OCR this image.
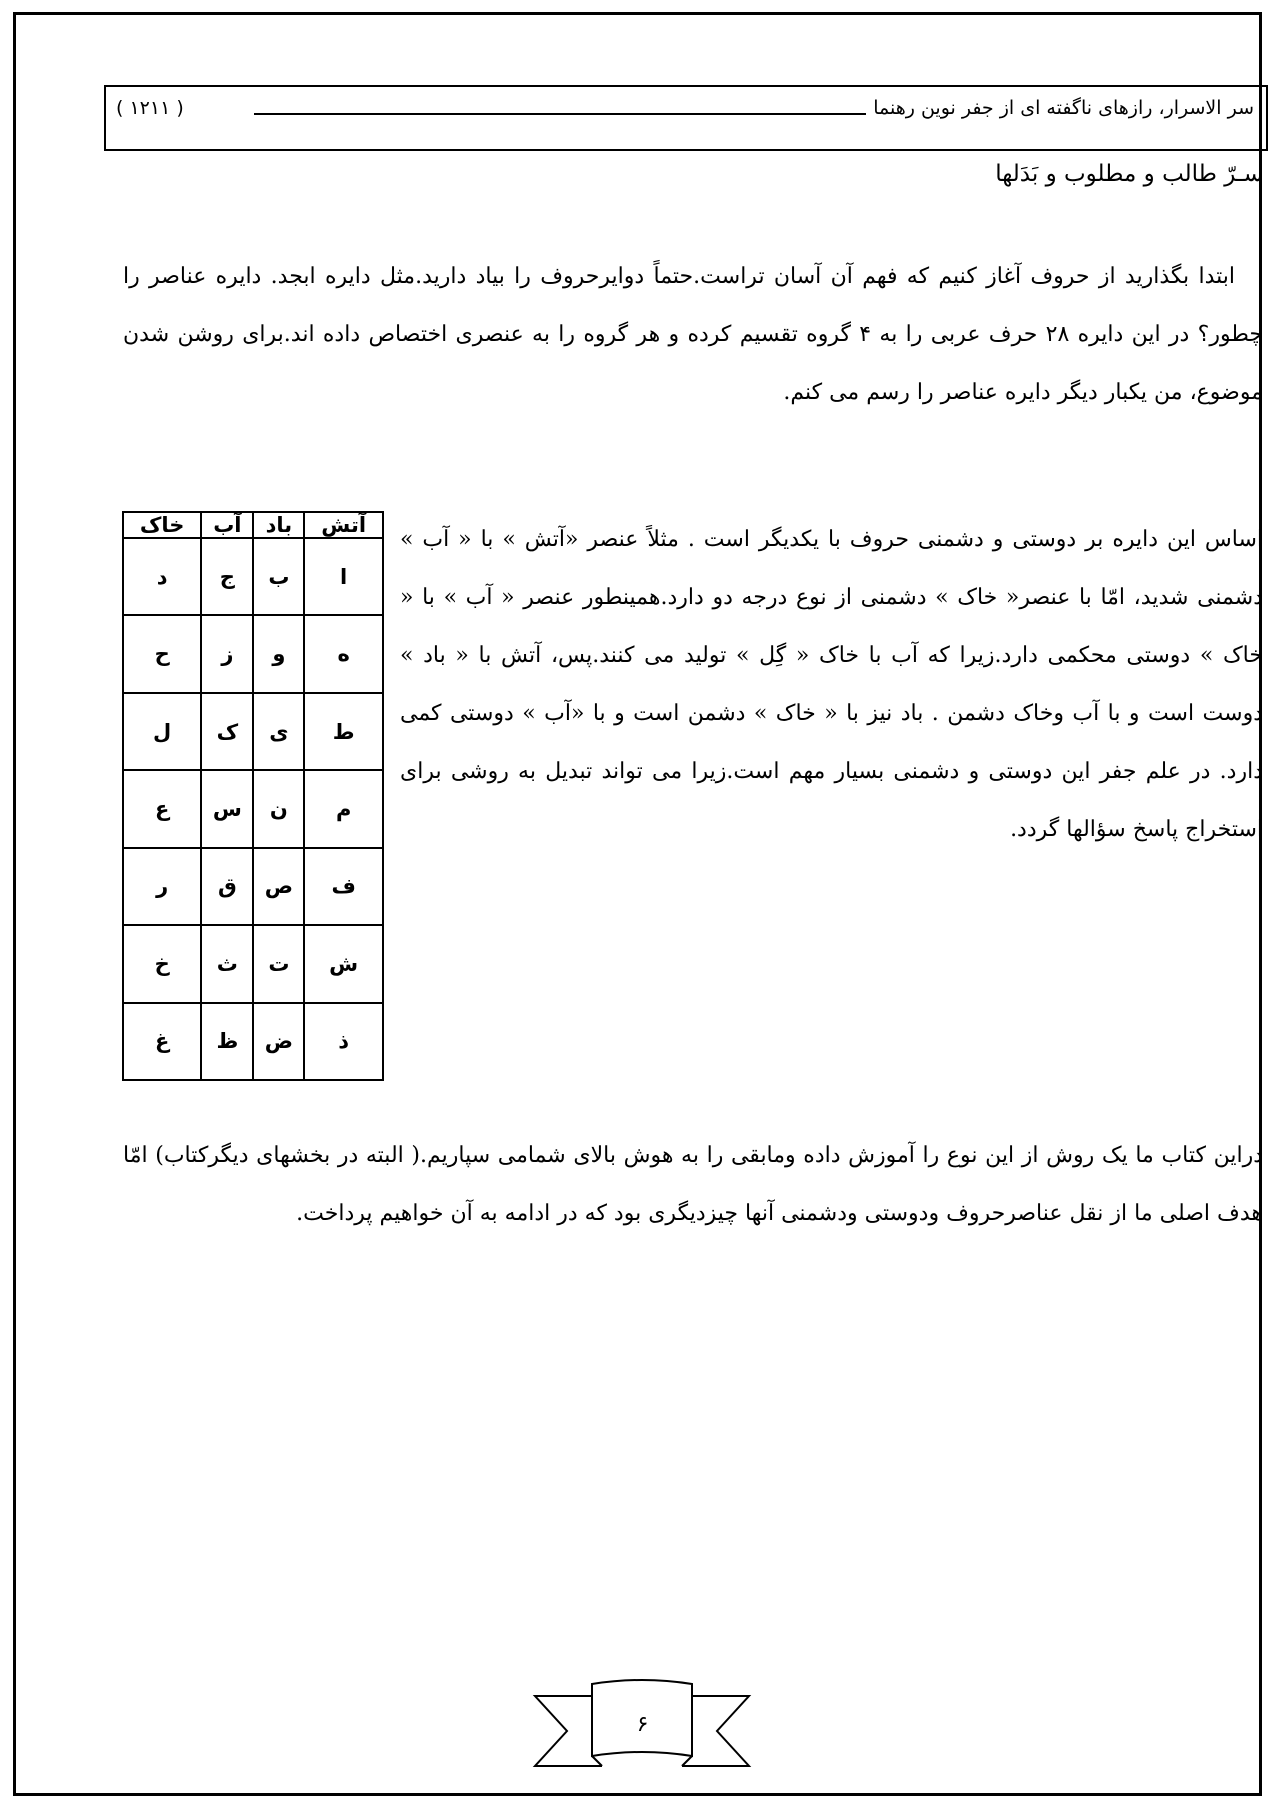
سر الاسرار، رازهای ناگفته ای از جفر نوین رهنما
( ۱۲۱۱ )
سـرّ طالب و مطلوب و بَدَلها

ابتدا بگذارید از حروف آغاز کنیم که فهم آن آسان تراست.حتماً دوایرحروف را بیاد دارید.مثل دایره ابجد. دایره عناصر را چطور؟ در این دایره ۲۸ حرف عربی را به ۴ گروه تقسیم کرده و هر گروه را به عنصری اختصاص داده اند.برای روشن شدن موضوع، من یکبار دیگر دایره عناصر را رسم می کنم.

آتش	باد	آب	خاک
ا	ب	ج	د
ه	و	ز	ح
ط	ی	ک	ل
م	ن	س	ع
ف	ص	ق	ر
ش	ت	ث	خ
ذ	ض	ظ	غ

اساس این دایره بر دوستی و دشمنی حروف با یکدیگر است . مثلاً عنصر «آتش » با « آب » دشمنی شدید، امّا با عنصر« خاک » دشمنی از نوع درجه دو دارد.همینطور عنصر « آب » با « خاک » دوستی محکمی دارد.زیرا که آب با خاک « گِل » تولید می کنند.پس، آتش با « باد » دوست است و با آب وخاک دشمن . باد نیز با « خاک » دشمن است و با «آب » دوستی کمی دارد. در علم جفر این دوستی و دشمنی بسیار مهم است.زیرا می تواند تبدیل به روشی برای استخراج پاسخ سؤالها گردد.

دراین کتاب ما یک روش از این نوع را آموزش داده ومابقی را به هوش بالای شمامی سپاریم.( البته در بخشهای دیگرکتاب) امّا هدف اصلی ما از نقل عناصرحروف ودوستی ودشمنی آنها چیزدیگری بود که در ادامه به آن خواهیم پرداخت.

۶
